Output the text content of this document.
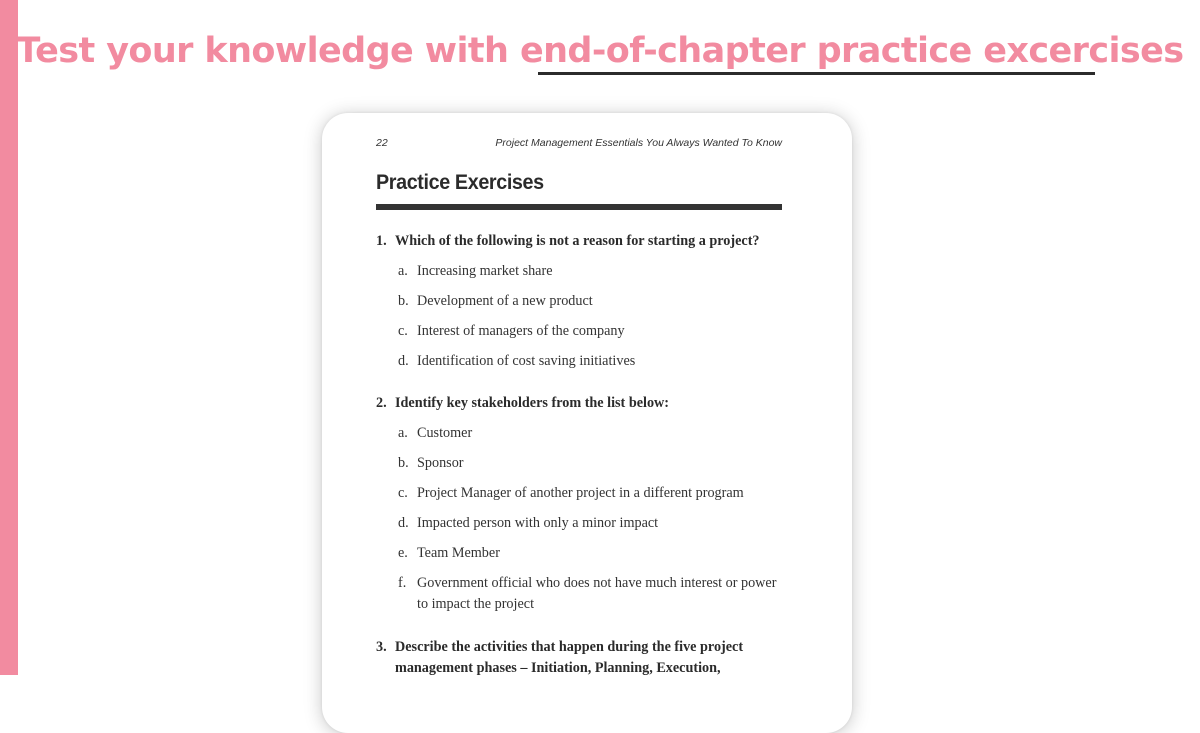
Test your knowledge with end-of-chapter practice excercises
22	Project Management Essentials You Always Wanted To Know
Practice Exercises
1. Which of the following is not a reason for starting a project?
a. Increasing market share
b. Development of a new product
c. Interest of managers of the company
d. Identification of cost saving initiatives
2. Identify key stakeholders from the list below:
a. Customer
b. Sponsor
c. Project Manager of another project in a different program
d. Impacted person with only a minor impact
e. Team Member
f. Government official who does not have much interest or power to impact the project
3. Describe the activities that happen during the five project management phases – Initiation, Planning, Execution,
